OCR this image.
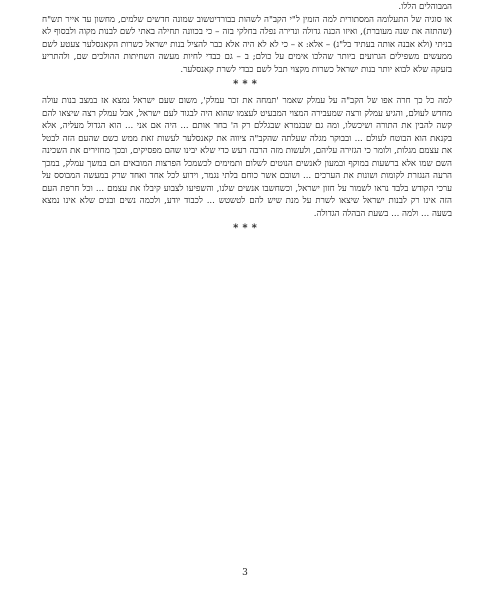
המבוהלים הללו.

או סוגיה של התעלומה המסתורית למה הזמין ל"י הקב"ה לשהות בבורדיטשוב שמונה חדשים שלמים, מחשון עד אייר תש"ח (שהתזה את שנה מעוברת), ואיזו הכנה גדולה ונדירה נפלה בחלקי בזה – כי בכוונה תחילה באתי לשם לבנות מקוה ולבסוף לא בניתי (ולא אבנה אותה בעתיד בל"נ) – אלא: א – כי לא לא היה אלא כבר להציל בנות ישראל כשרות הקאנסלער צעטע לשם ממעשים משפילים הגרועים ביותר שהלכו אימים על כולם; ב – גם כבדי לחיות מעשה השחיתות ההולכים שם, ולהתריע בזעקה שלא לבוא יותר בנות ישראל כשרות מקצוי תבל לשם כבדי לשרת קאנסלער.

***

למה כל כך חרה אפו של הקב"ה על עמלק שאמר 'תמחה את זכר עמלק', משום שעם ישראל נמצא אז במצב בנות עולה מחדש לעולם, והגיע עמלק ורצה שמעבירה המצוי המבעיט לעצמו שהוא היה לבגוד לעם ישראל, אבל עמלק רצה שיצאו להם קשה להבין את התורה ושיכשלו, ומה גם שבגמרא שבגללם רק ה' בחר אותם ... היה אם אני ... הוא הגדול מעליה, אלא בקנאת הוא הבוטח לעולם ... ובבוקר מגלה שעלתה שהקב"ה ציווה את קאנסלער לעשות זאת ממש כשם שהעם הזה לבטל את עצמם מגלות, ולומר כי הגזירה עליהם, ולעשות מזה הרבה רעש כדי שלא יבינו שהם מפסיקים, ובכך מחזירים את השכינה השם שמו אלא ברשעות במוקף ובמעון לאנשים הנוטים לשלום ותמימים לכשמכל הפרצות המובאים הם במשך עמלק, במכך הרעה הנגזרת לקומות ושונות את הערכים ... ושובם אשר כוחם בלתי נגמר, וידוע לכל אחד ואחד שרק במעשה המבוסס על ערכי הקודש בלבד נראו לשמור על חזון ישראל, וכשחשבו אנשים שלנו, והשפיעו לצבוע קיבלו את עצמם ... וכל חרפת העם הזה אינו רק לבנות ישראל שיצאו לשרת על מנת שיש להם לטשטש ... לכבוד יודע, ולכמה נשים ובנים שלא אינו נמצא בשעה ... ולמה ... בשעת הבהלה הגדולה.

***
3
